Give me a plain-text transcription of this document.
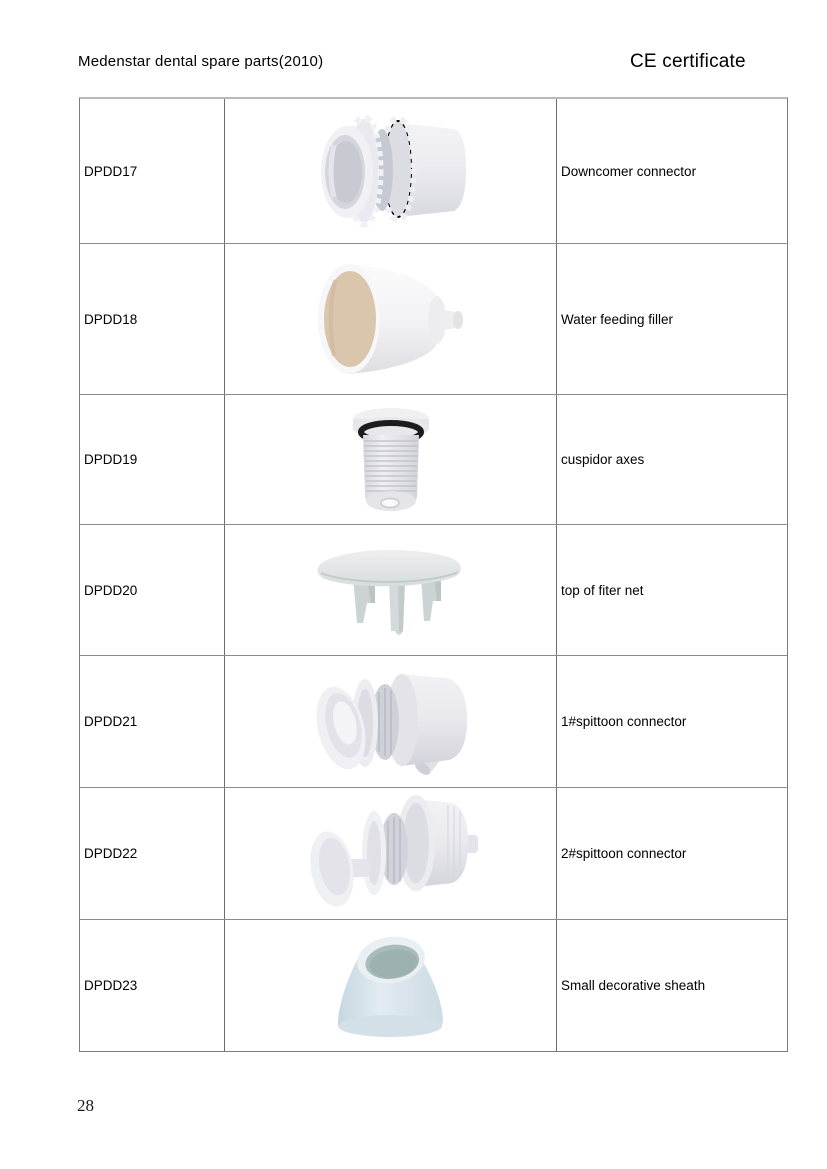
Medenstar dental spare parts(2010)	CE certificate
DPDD17	Downcomer connector
DPDD18	Water feeding filler
DPDD19	cuspidor axes
DPDD20	top of fiter net
DPDD21	1#spittoon connector
DPDD22	2#spittoon connector
DPDD23	Small decorative sheath
28
